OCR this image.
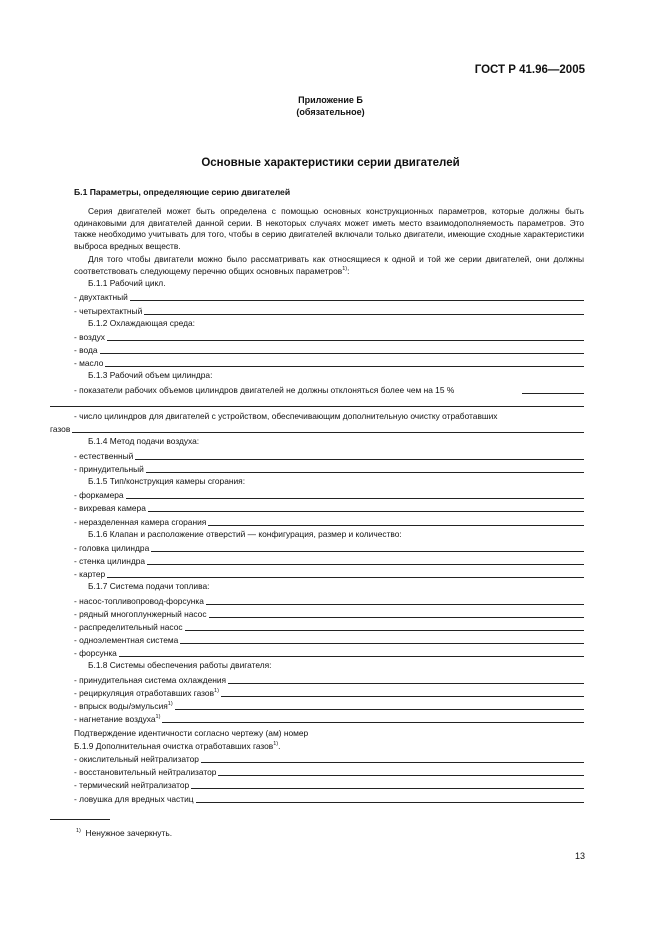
ГОСТ Р 41.96—2005
Приложение Б
(обязательное)
Основные характеристики серии двигателей
Б.1 Параметры, определяющие серию двигателей
Серия двигателей может быть определена с помощью основных конструкционных параметров, которые должны быть одинаковыми для двигателей данной серии. В некоторых случаях может иметь место взаимодополняемость параметров. Это также необходимо учитывать для того, чтобы в серию двигателей включали только двигатели, имеющие сходные характеристики выброса вредных веществ.
Для того чтобы двигатели можно было рассматривать как относящиеся к одной и той же серии двигателей, они должны соответствовать следующему перечню общих основных параметров$^{1)}$:
Б.1.1 Рабочий цикл.
- двухтактный
- четырехтактный
Б.1.2 Охлаждающая среда:
- воздух
- вода
- масло
Б.1.3 Рабочий объем цилиндра:
- показатели рабочих объемов цилиндров двигателей не должны отклоняться более чем на 15 %
- число цилиндров для двигателей с устройством, обеспечивающим дополнительную очистку отработавших
газов
Б.1.4 Метод подачи воздуха:
- естественный
- принудительный
Б.1.5 Тип/конструкция камеры сгорания:
- форкамера
- вихревая камера
- неразделенная камера сгорания
Б.1.6 Клапан и расположение отверстий — конфигурация, размер и количество:
- головка цилиндра
- стенка цилиндра
- картер
Б.1.7 Система подачи топлива:
- насос-топливопровод-форсунка
- рядный многоплунжерный насос
- распределительный насос
- одноэлементная система
- форсунка
Б.1.8 Системы обеспечения работы двигателя:
- принудительная система охлаждения
- рециркуляция отработавших газов$^{1)}$
- впрыск воды/эмульсия$^{1)}$
- нагнетание воздуха$^{1)}$
Подтверждение идентичности согласно чертежу (ам) номер
Б.1.9 Дополнительная очистка отработавших газов$^{1)}$.
- окислительный нейтрализатор
- восстановительный нейтрализатор
- термический нейтрализатор
- ловушка для вредных частиц
$^{1)}$ Ненужное зачеркнуть.
13
